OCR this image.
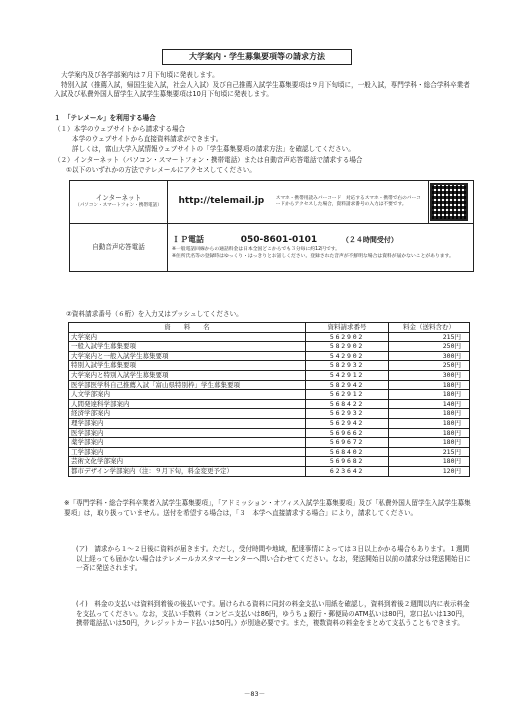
大学案内・学生募集要項等の請求方法

大学案内及び各学部案内は７月下旬頃に発表します。

特別入試（推薦入試，帰国生徒入試，社会人入試）及び自己推薦入試学生募集要項は９月下旬頃に，一般入試，専門学科・総合学科卒業者入試及び私費外国人留学生入試学生募集要項は10月下旬頃に発表します。

１　「テレメール」を利用する場合
（１）本学のウェブサイトから請求する場合
本学のウェブサイトから直接資料請求ができます。
詳しくは，富山大学入試情報ウェブサイトの「学生募集要項の請求方法」を確認してください。
（２）インターネット（パソコン・スマートフォン・携帯電話）または自動音声応答電話で請求する場合
①以下のいずれかの方法でテレメールにアクセスしてください。
インターネット
（パソコン・スマートフォン・携帯電話）	http://telemail.jp	スマホ・携帯用読みバーコード　対応するスマホ・携帯で右のバーコードからアクセスした場合，資料請求番号の入力は不要です。	

自動音声応答電話	ＩＰ電話 050-8601-0101 （２４時間受付）
※一般電話回線からの通話料金は日本全国どこからでも３分毎に約12円です。
※住所氏名等の登録時はゆっくり・はっきりとお話しください。登録された音声が不鮮明な場合は資料が届かないことがあります。		
②資料請求番号（６桁）を入力又はプッシュしてください。
資　　料　　名	資料請求番号	料金（送料含む）
大学案内	562902	215円
一般入試学生募集要項	582902	250円
大学案内と一般入試学生募集要項	542902	300円
特別入試学生募集要項	582932	250円
大学案内と特別入試学生募集要項	542912	300円
医学部医学科自己推薦入試「富山県特別枠」学生募集要項	582942	180円
人文学部案内	562912	180円
人間発達科学部案内	568422	140円
経済学部案内	562932	180円
理学部案内	562942	180円
医学部案内	569662	180円
薬学部案内	569672	180円
工学部案内	568402	215円
芸術文化学部案内	569682	180円
都市デザイン学部案内（注：９月下旬，料金変更予定）	623642	120円
※「専門学科・総合学科卒業者入試学生募集要項」，「アドミッション・オフィス入試学生募集要項」及び「私費外国人留学生入試学生募集要項」は，取り扱っていません。送付を希望する場合は，「３　本学へ直接請求する場合」により，請求してください。
(ア)　請求から１～２日後に資料が届きます。ただし，受付時間や地域，配達事情によっては３日以上かかる場合もあります。１週間以上経っても届かない場合はテレメールカスタマーセンターへ問い合わせてください。なお，発送開始日以前の請求分は発送開始日に一斉に発送されます。
(イ)　料金の支払いは資料到着後の後払いです。届けられる資料に同封の料金支払い用紙を確認し，資料到着後２週間以内に表示料金を支払ってください。なお，支払い手数料（コンビニ支払いは86円，ゆうちょ銀行・郵便局のATM払いは80円，窓口払いは130円，携帯電話払いは50円，クレジットカード払いは50円。）が別途必要です。また，複数資料の料金をまとめて支払うこともできます。
－83－
